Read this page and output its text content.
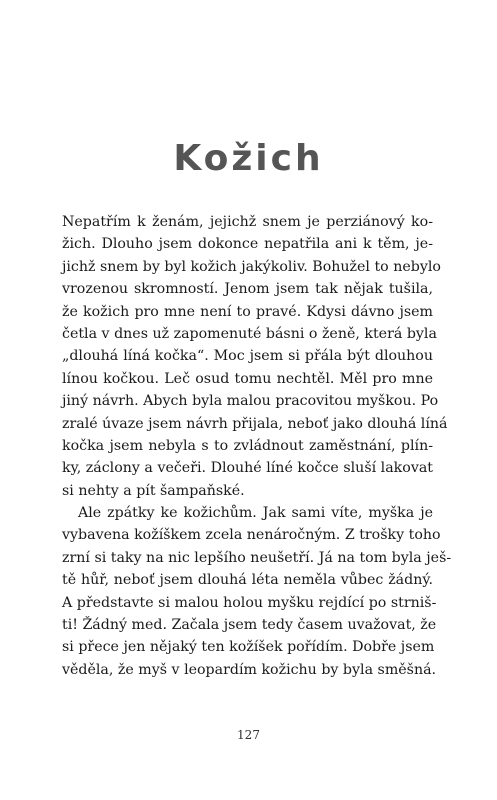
Kožich
Nepatřím k ženám, jejichž snem je perziánový ko-
žich. Dlouho jsem dokonce nepatřila ani k těm, je-
jichž snem by byl kožich jakýkoliv. Bohužel to nebylo
vrozenou skromností. Jenom jsem tak nějak tušila,
že kožich pro mne není to pravé. Kdysi dávno jsem
četla v dnes už zapomenuté básni o ženě, která byla
„dlouhá líná kočka“. Moc jsem si přála být dlouhou
línou kočkou. Leč osud tomu nechtěl. Měl pro mne
jiný návrh. Abych byla malou pracovitou myškou. Po
zralé úvaze jsem návrh přijala, neboť jako dlouhá líná
kočka jsem nebyla s to zvládnout zaměstnání, plín-
ky, záclony a večeři. Dlouhé líné kočce sluší lakovat
si nehty a pít šampaňské.
Ale zpátky ke kožichům. Jak sami víte, myška je
vybavena kožíškem zcela nenáročným. Z trošky toho
zrní si taky na nic lepšího neušetří. Já na tom byla ješ-
tě hůř, neboť jsem dlouhá léta neměla vůbec žádný.
A představte si malou holou myšku rejdící po strniš-
ti! Žádný med. Začala jsem tedy časem uvažovat, že
si přece jen nějaký ten kožíšek pořídím. Dobře jsem
věděla, že myš v leopardím kožichu by byla směšná.
127
